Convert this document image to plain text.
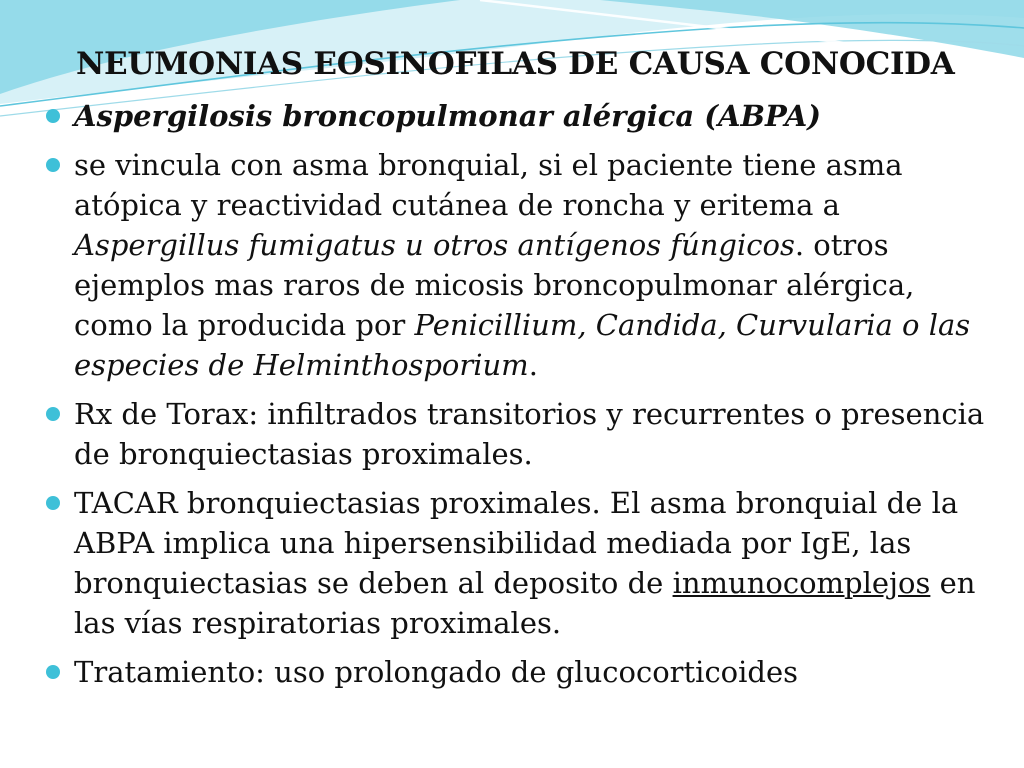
NEUMONIAS EOSINOFILAS DE CAUSA CONOCIDA
Aspergilosis broncopulmonar alérgica (ABPA)
se vincula con asma bronquial, si el paciente tiene asma atópica y reactividad cutánea de roncha y eritema a Aspergillus fumigatus u otros antígenos fúngicos. otros ejemplos mas raros de micosis broncopulmonar alérgica, como la producida por Penicillium, Candida, Curvularia o las especies de Helminthosporium.
Rx de Torax: infiltrados transitorios y recurrentes o presencia de bronquiectasias proximales.
TACAR bronquiectasias proximales. El asma bronquial de la ABPA implica una hipersensibilidad mediada por IgE, las bronquiectasias se deben al deposito de inmunocomplejos en las vías respiratorias proximales.
Tratamiento: uso prolongado de glucocorticoides
